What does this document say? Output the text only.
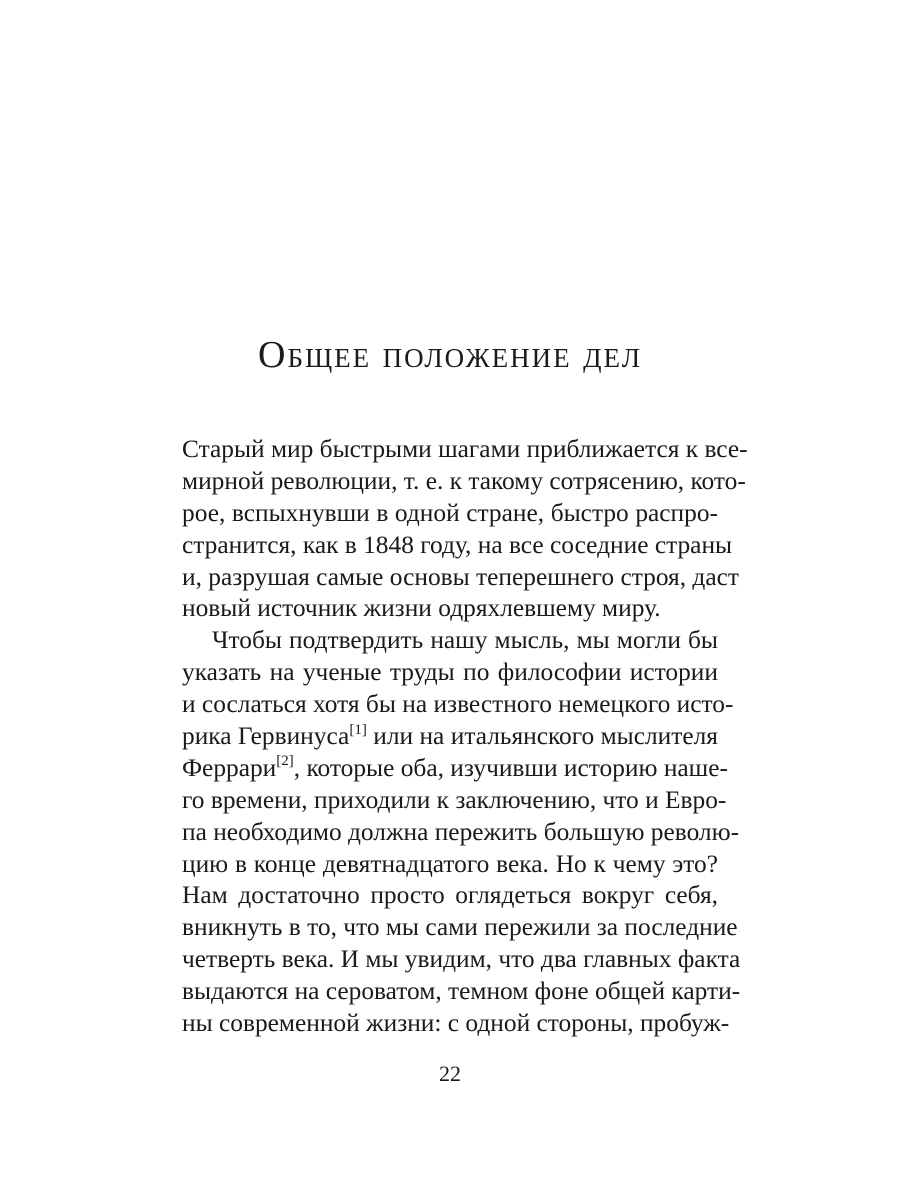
Общее положение дел
Старый мир быстрыми шагами приближается к все-
мирной революции, т. е. к такому сотрясению, кото-
рое, вспыхнувши в одной стране, быстро распро-
странится, как в 1848 году, на все соседние страны
и, разрушая самые основы теперешнего строя, даст
новый источник жизни одряхлевшему миру.
Чтобы подтвердить нашу мысль, мы могли бы
указать на ученые труды по философии истории
и сослаться хотя бы на известного немецкого исто-
рика Гервинуса[1] или на итальянского мыслителя
Феррари[2], которые оба, изучивши историю наше-
го времени, приходили к заключению, что и Евро-
па необходимо должна пережить большую револю-
цию в конце девятнадцатого века. Но к чему это?
Нам достаточно просто оглядеться вокруг себя,
вникнуть в то, что мы сами пережили за последние
четверть века. И мы увидим, что два главных факта
выдаются на сероватом, темном фоне общей карти-
ны современной жизни: с одной стороны, пробуж-
22
